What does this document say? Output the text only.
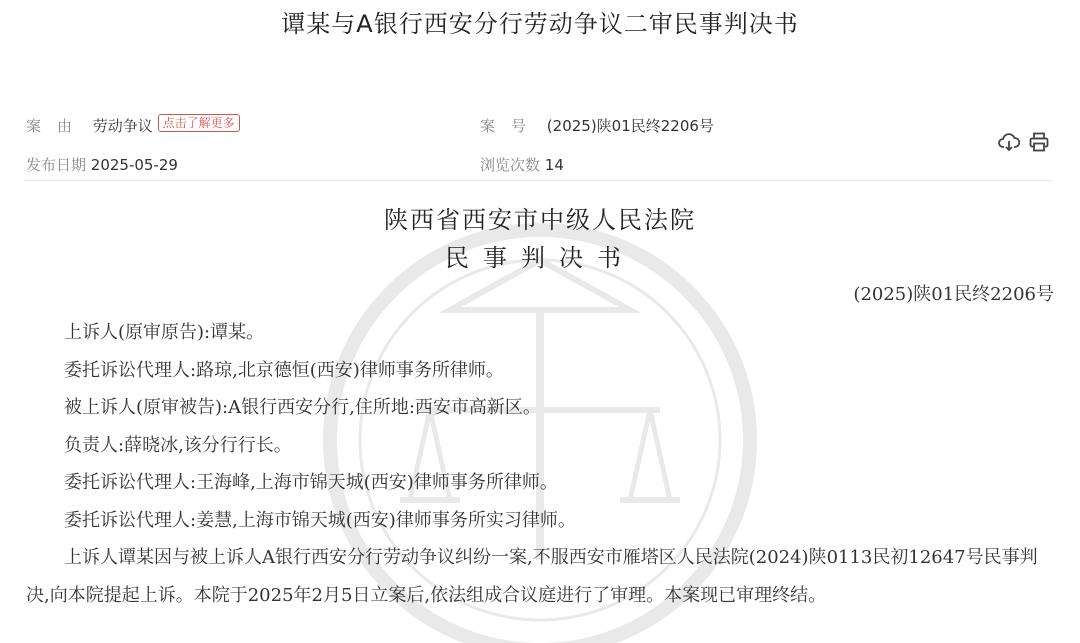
谭某与A银行西安分行劳动争议二审民事判决书
案由 劳动争议 点击了解更多	案号 (2025)陕01民终2206号
发布日期 2025-05-29	浏览次数 14
陕西省西安市中级人民法院
民事判决书
(2025)陕01民终2206号

上诉人(原审原告):谭某。

委托诉讼代理人:路琼,北京德恒(西安)律师事务所律师。

被上诉人(原审被告):A银行西安分行,住所地:西安市高新区。

负责人:薛晓冰,该分行行长。

委托诉讼代理人:王海峰,上海市锦天城(西安)律师事务所律师。

委托诉讼代理人:姜慧,上海市锦天城(西安)律师事务所实习律师。

上诉人谭某因与被上诉人A银行西安分行劳动争议纠纷一案,不服西安市雁塔区人民法院(2024)陕0113民初12647号民事判决,向本院提起上诉。本院于2025年2月5日立案后,依法组成合议庭进行了审理。本案现已审理终结。
